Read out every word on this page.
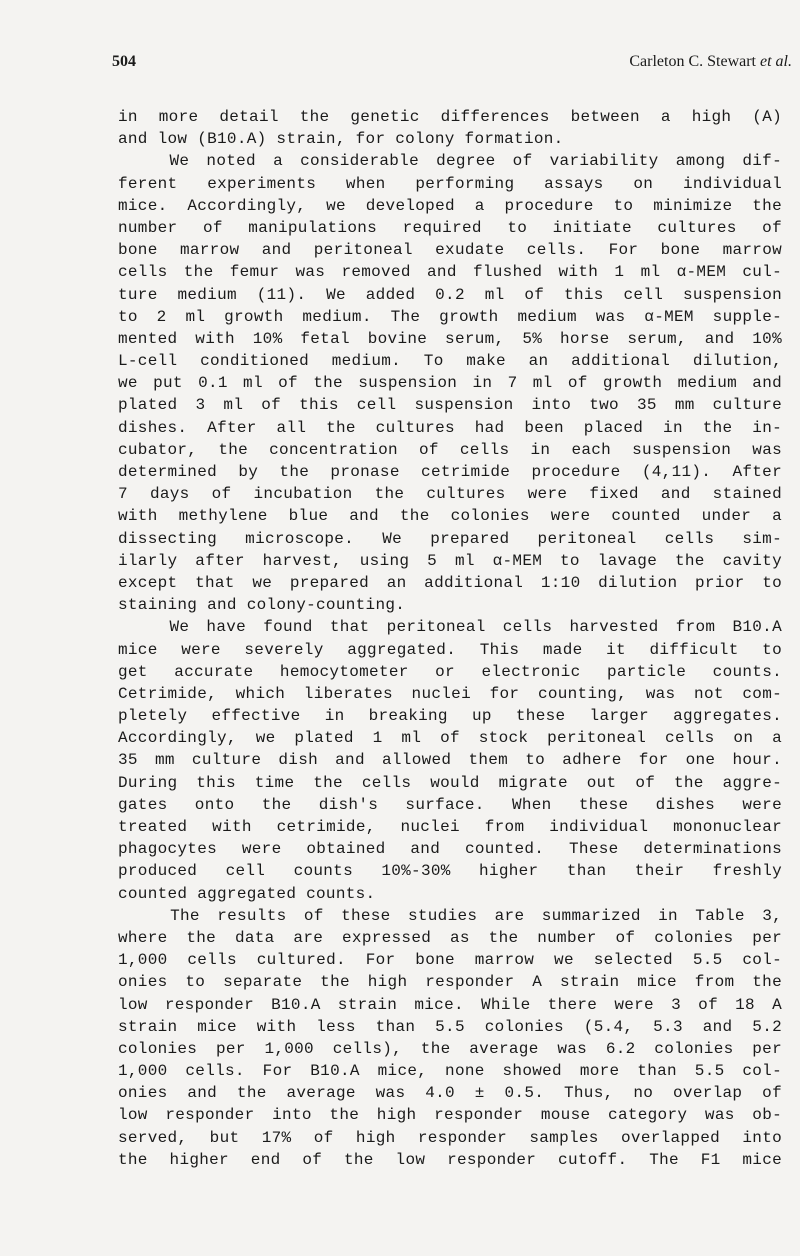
504	Carleton C. Stewart et al.
in more detail the genetic differences between a high (A)
and low (B10.A) strain, for colony formation.
We noted a considerable degree of variability among dif-
ferent experiments when performing assays on individual
mice. Accordingly, we developed a procedure to minimize the
number of manipulations required to initiate cultures of
bone marrow and peritoneal exudate cells. For bone marrow
cells the femur was removed and flushed with 1 ml α-MEM cul-
ture medium (11). We added 0.2 ml of this cell suspension
to 2 ml growth medium. The growth medium was α-MEM supple-
mented with 10% fetal bovine serum, 5% horse serum, and 10%
L-cell conditioned medium. To make an additional dilution,
we put 0.1 ml of the suspension in 7 ml of growth medium and
plated 3 ml of this cell suspension into two 35 mm culture
dishes. After all the cultures had been placed in the in-
cubator, the concentration of cells in each suspension was
determined by the pronase cetrimide procedure (4,11). After
7 days of incubation the cultures were fixed and stained
with methylene blue and the colonies were counted under a
dissecting microscope. We prepared peritoneal cells sim-
ilarly after harvest, using 5 ml α-MEM to lavage the cavity
except that we prepared an additional 1:10 dilution prior to
staining and colony-counting.
We have found that peritoneal cells harvested from B10.A
mice were severely aggregated. This made it difficult to
get accurate hemocytometer or electronic particle counts.
Cetrimide, which liberates nuclei for counting, was not com-
pletely effective in breaking up these larger aggregates.
Accordingly, we plated 1 ml of stock peritoneal cells on a
35 mm culture dish and allowed them to adhere for one hour.
During this time the cells would migrate out of the aggre-
gates onto the dish's surface. When these dishes were
treated with cetrimide, nuclei from individual mononuclear
phagocytes were obtained and counted. These determinations
produced cell counts 10%-30% higher than their freshly
counted aggregated counts.
The results of these studies are summarized in Table 3,
where the data are expressed as the number of colonies per
1,000 cells cultured. For bone marrow we selected 5.5 col-
onies to separate the high responder A strain mice from the
low responder B10.A strain mice. While there were 3 of 18 A
strain mice with less than 5.5 colonies (5.4, 5.3 and 5.2
colonies per 1,000 cells), the average was 6.2 colonies per
1,000 cells. For B10.A mice, none showed more than 5.5 col-
onies and the average was 4.0 ± 0.5. Thus, no overlap of
low responder into the high responder mouse category was ob-
served, but 17% of high responder samples overlapped into
the higher end of the low responder cutoff. The F1 mice
